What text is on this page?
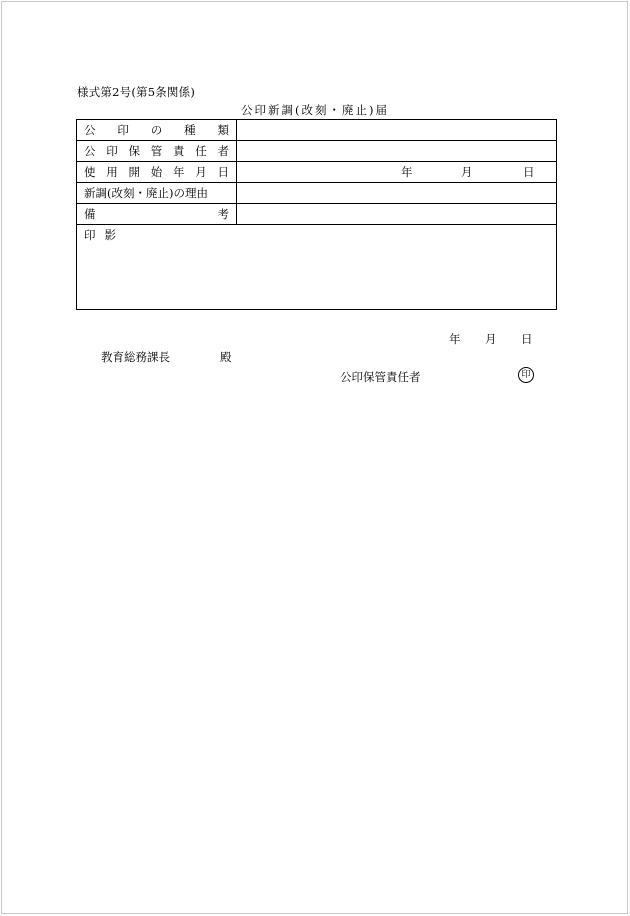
様式第2号(第5条関係)
公印新調(改刻・廃止)届
公 印 の 種 類
公 印 保 管 責 任 者
使 用 開 始 年 月 日	年	月	日
新調(改刻・廃止)の理由
備	考
印影
年 月 日
教育総務課長	殿
公印保管責任者	印
